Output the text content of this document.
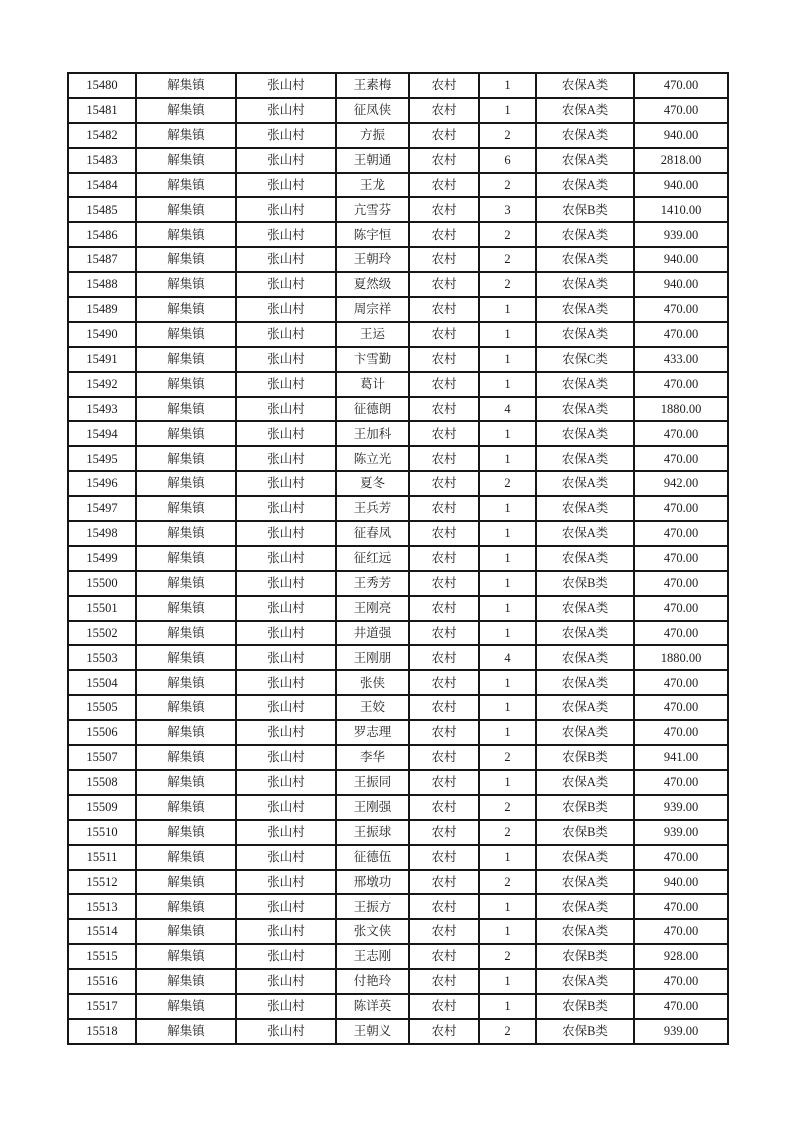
15480	解集镇	张山村	王素梅	农村	1	农保A类	470.00
15481	解集镇	张山村	征凤侠	农村	1	农保A类	470.00
15482	解集镇	张山村	方振	农村	2	农保A类	940.00
15483	解集镇	张山村	王朝通	农村	6	农保A类	2818.00
15484	解集镇	张山村	王龙	农村	2	农保A类	940.00
15485	解集镇	张山村	亢雪芬	农村	3	农保B类	1410.00
15486	解集镇	张山村	陈宇恒	农村	2	农保A类	939.00
15487	解集镇	张山村	王朝玲	农村	2	农保A类	940.00
15488	解集镇	张山村	夏然级	农村	2	农保A类	940.00
15489	解集镇	张山村	周宗祥	农村	1	农保A类	470.00
15490	解集镇	张山村	王运	农村	1	农保A类	470.00
15491	解集镇	张山村	卞雪勤	农村	1	农保C类	433.00
15492	解集镇	张山村	葛计	农村	1	农保A类	470.00
15493	解集镇	张山村	征德朗	农村	4	农保A类	1880.00
15494	解集镇	张山村	王加科	农村	1	农保A类	470.00
15495	解集镇	张山村	陈立光	农村	1	农保A类	470.00
15496	解集镇	张山村	夏冬	农村	2	农保A类	942.00
15497	解集镇	张山村	王兵芳	农村	1	农保A类	470.00
15498	解集镇	张山村	征春凤	农村	1	农保A类	470.00
15499	解集镇	张山村	征红远	农村	1	农保A类	470.00
15500	解集镇	张山村	王秀芳	农村	1	农保B类	470.00
15501	解集镇	张山村	王刚亮	农村	1	农保A类	470.00
15502	解集镇	张山村	井道强	农村	1	农保A类	470.00
15503	解集镇	张山村	王刚朋	农村	4	农保A类	1880.00
15504	解集镇	张山村	张侠	农村	1	农保A类	470.00
15505	解集镇	张山村	王姣	农村	1	农保A类	470.00
15506	解集镇	张山村	罗志理	农村	1	农保A类	470.00
15507	解集镇	张山村	李华	农村	2	农保B类	941.00
15508	解集镇	张山村	王振同	农村	1	农保A类	470.00
15509	解集镇	张山村	王刚强	农村	2	农保B类	939.00
15510	解集镇	张山村	王振球	农村	2	农保B类	939.00
15511	解集镇	张山村	征德伍	农村	1	农保A类	470.00
15512	解集镇	张山村	邢墩功	农村	2	农保A类	940.00
15513	解集镇	张山村	王振方	农村	1	农保A类	470.00
15514	解集镇	张山村	张文侠	农村	1	农保A类	470.00
15515	解集镇	张山村	王志刚	农村	2	农保B类	928.00
15516	解集镇	张山村	付艳玲	农村	1	农保A类	470.00
15517	解集镇	张山村	陈详英	农村	1	农保B类	470.00
15518	解集镇	张山村	王朝义	农村	2	农保B类	939.00
